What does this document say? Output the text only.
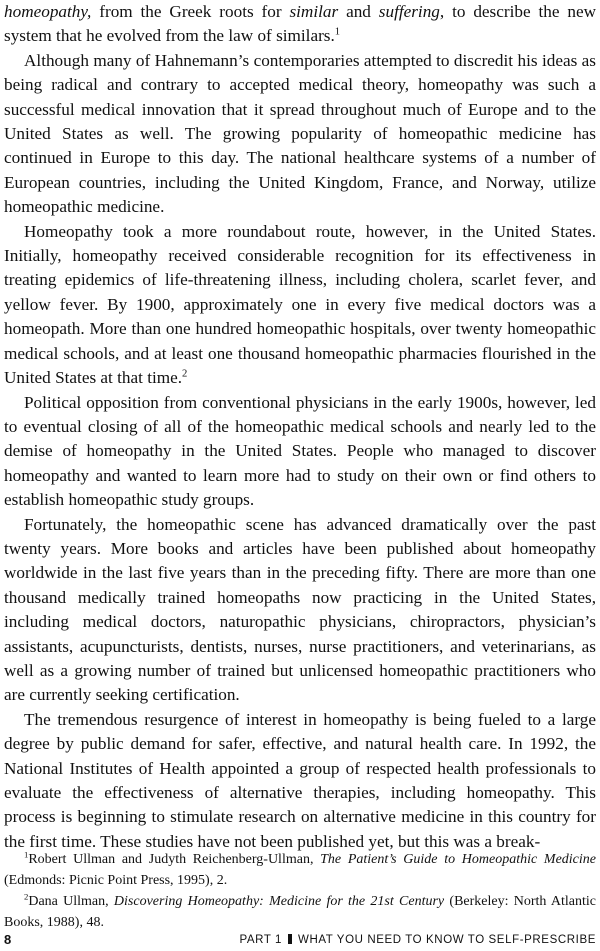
homeopathy, from the Greek roots for similar and suffering, to describe the new system that he evolved from the law of similars.$^1$

Although many of Hahnemann’s contemporaries attempted to discredit his ideas as being radical and contrary to accepted medical theory, homeopathy was such a successful medical innovation that it spread throughout much of Europe and to the United States as well. The growing popularity of homeopathic medicine has continued in Europe to this day. The national healthcare systems of a number of European countries, including the United Kingdom, France, and Norway, utilize homeopathic medicine.

Homeopathy took a more roundabout route, however, in the United States. Initially, homeopathy received considerable recognition for its effectiveness in treating epidemics of life-threatening illness, including cholera, scarlet fever, and yellow fever. By 1900, approximately one in every five medical doctors was a homeopath. More than one hundred homeopathic hospitals, over twenty homeopathic medical schools, and at least one thousand homeopathic pharmacies flourished in the United States at that time.$^2$

Political opposition from conventional physicians in the early 1900s, however, led to eventual closing of all of the homeopathic medical schools and nearly led to the demise of homeopathy in the United States. People who managed to discover homeopathy and wanted to learn more had to study on their own or find others to establish homeopathic study groups.

Fortunately, the homeopathic scene has advanced dramatically over the past twenty years. More books and articles have been published about homeopathy worldwide in the last five years than in the preceding fifty. There are more than one thousand medically trained homeopaths now practicing in the United States, including medical doctors, naturopathic physicians, chiropractors, physician’s assistants, acupuncturists, dentists, nurses, nurse practitioners, and veterinarians, as well as a growing number of trained but unlicensed homeopathic practitioners who are currently seeking certification.

The tremendous resurgence of interest in homeopathy is being fueled to a large degree by public demand for safer, effective, and natural health care. In 1992, the National Institutes of Health appointed a group of respected health professionals to evaluate the effectiveness of alternative therapies, including homeopathy. This process is beginning to stimulate research on alternative medicine in this country for the first time. These studies have not been published yet, but this was a break-

$^1$Robert Ullman and Judyth Reichenberg-Ullman, The Patient’s Guide to Homeopathic Medicine (Edmonds: Picnic Point Press, 1995), 2.

$^2$Dana Ullman, Discovering Homeopathy: Medicine for the 21st Century (Berkeley: North Atlantic Books, 1988), 48.

8	PART 1 WHAT YOU NEED TO KNOW TO SELF-PRESCRIBE
